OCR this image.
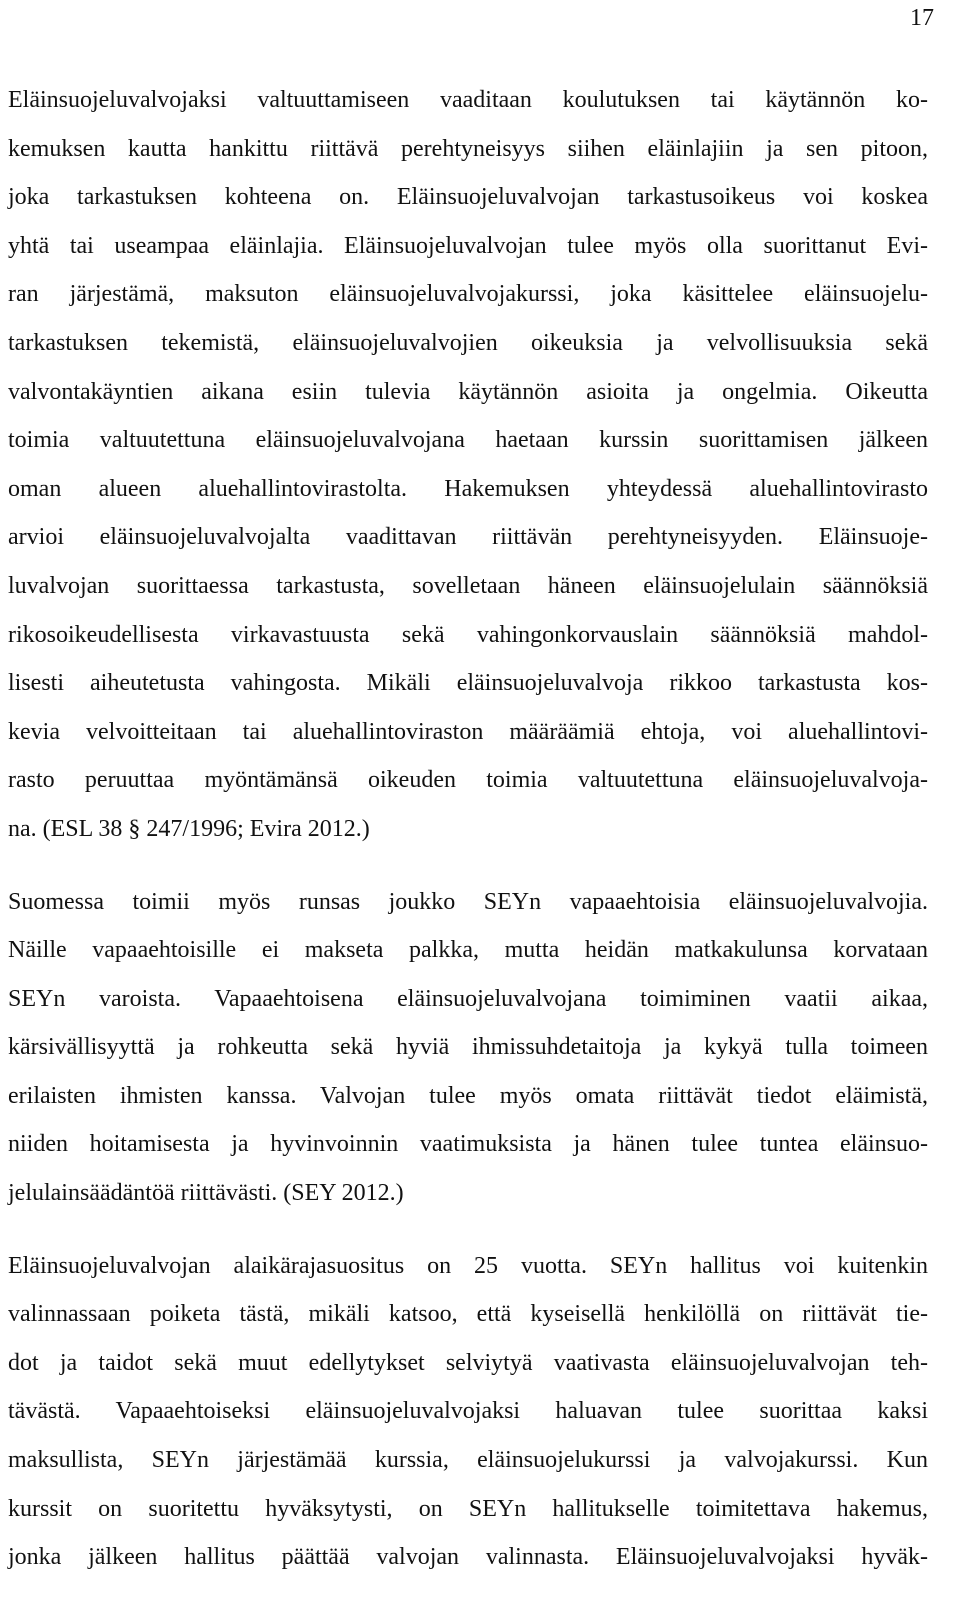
17

Eläinsuojeluvalvojaksi valtuuttamiseen vaaditaan koulutuksen tai käytännön ko-
kemuksen kautta hankittu riittävä perehtyneisyys siihen eläinlajiin ja sen pitoon,
joka tarkastuksen kohteena on. Eläinsuojeluvalvojan tarkastusoikeus voi koskea
yhtä tai useampaa eläinlajia. Eläinsuojeluvalvojan tulee myös olla suorittanut Evi-
ran järjestämä, maksuton eläinsuojeluvalvojakurssi, joka käsittelee eläinsuojelu-
tarkastuksen tekemistä, eläinsuojeluvalvojien oikeuksia ja velvollisuuksia sekä
valvontakäyntien aikana esiin tulevia käytännön asioita ja ongelmia. Oikeutta
toimia valtuutettuna eläinsuojeluvalvojana haetaan kurssin suorittamisen jälkeen
oman alueen aluehallintovirastolta. Hakemuksen yhteydessä aluehallintovirasto
arvioi eläinsuojeluvalvojalta vaadittavan riittävän perehtyneisyyden. Eläinsuoje-
luvalvojan suorittaessa tarkastusta, sovelletaan häneen eläinsuojelulain säännöksiä
rikosoikeudellisesta virkavastuusta sekä vahingonkorvauslain säännöksiä mahdol-
lisesti aiheutetusta vahingosta. Mikäli eläinsuojeluvalvoja rikkoo tarkastusta kos-
kevia velvoitteitaan tai aluehallintoviraston määräämiä ehtoja, voi aluehallintovi-
rasto peruuttaa myöntämänsä oikeuden toimia valtuutettuna eläinsuojeluvalvoja-
na. (ESL 38 § 247/1996; Evira 2012.)

Suomessa toimii myös runsas joukko SEYn vapaaehtoisia eläinsuojeluvalvojia.
Näille vapaaehtoisille ei makseta palkka, mutta heidän matkakulunsa korvataan
SEYn varoista. Vapaaehtoisena eläinsuojeluvalvojana toimiminen vaatii aikaa,
kärsivällisyyttä ja rohkeutta sekä hyviä ihmissuhdetaitoja ja kykyä tulla toimeen
erilaisten ihmisten kanssa. Valvojan tulee myös omata riittävät tiedot eläimistä,
niiden hoitamisesta ja hyvinvoinnin vaatimuksista ja hänen tulee tuntea eläinsuo-
jelulainsäädäntöä riittävästi. (SEY 2012.)

Eläinsuojeluvalvojan alaikärajasuositus on 25 vuotta. SEYn hallitus voi kuitenkin
valinnassaan poiketa tästä, mikäli katsoo, että kyseisellä henkilöllä on riittävät tie-
dot ja taidot sekä muut edellytykset selviytyä vaativasta eläinsuojeluvalvojan teh-
tävästä. Vapaaehtoiseksi eläinsuojeluvalvojaksi haluavan tulee suorittaa kaksi
maksullista, SEYn järjestämää kurssia, eläinsuojelukurssi ja valvojakurssi. Kun
kurssit on suoritettu hyväksytysti, on SEYn hallitukselle toimitettava hakemus,
jonka jälkeen hallitus päättää valvojan valinnasta. Eläinsuojeluvalvojaksi hyväk-
